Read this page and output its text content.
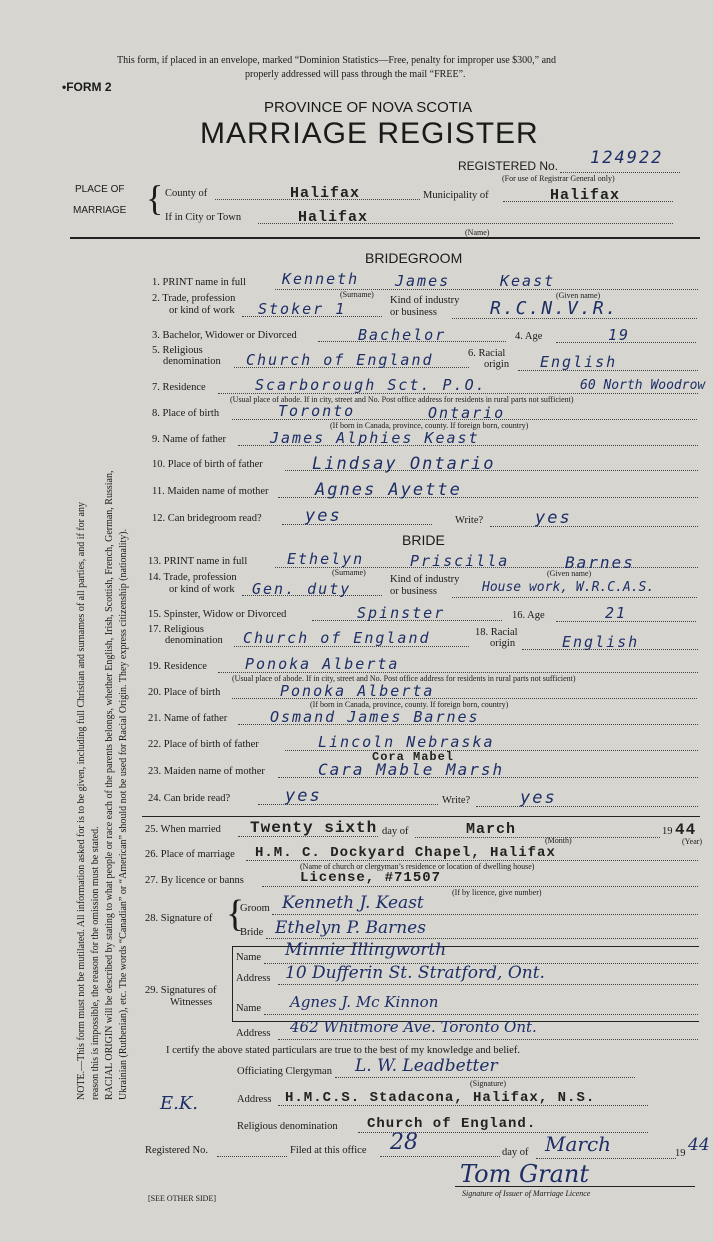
This form, if placed in an envelope, marked “Dominion Statistics—Free, penalty for improper use $300,” and
properly addressed will pass through the mail “FREE”.
•FORM 2
PROVINCE OF NOVA SCOTIA
MARRIAGE REGISTER
REGISTERED No. 124922
(For use of Registrar General only)
PLACE OF
MARRIAGE { County of	Halifax	Municipality of	Halifax
If in City or Town	Halifax
(Name)
NOTE.—This form must not be mutilated. All information asked for is to be given, including full Christian and surnames of all parties, and if for any reason this is impossible, the reason for the omission must be stated. RACIAL ORIGIN will be described by stating to what people or race each of the parents belongs, whether English, Irish, Scottish, French, German, Russian, Ukrainian (Ruthenian), etc. The words “Canadian” or “American” should not be used for Racial Origin. They express citizenship (nationality).
BRIDEGROOM
1. PRINT name in full Kenneth James	Keast
(Surname)	(Given name)
2. Trade, profession
or kind of work Stoker 1	Kind of industry
or business	R.C.N.V.R.
3. Bachelor, Widower or Divorced	Bachelor	4. Age	19
5. Religious
denomination Church of England	6. Racial
origin English
7. Residence	Scarborough Sct. P.O.	60 North Woodrow
(Usual place of abode. If in city, street and No. Post office address for residents in rural parts not sufficient)
8. Place of birth	Toronto	Ontario
(If born in Canada, province, county. If foreign born, country)
9. Name of father	James Alphies Keast
10. Place of birth of father	Lindsay Ontario
11. Maiden name of mother	Agnes Ayette
12. Can bridegroom read?	yes	Write?	yes
BRIDE
13. PRINT name in full	Ethelyn	Priscilla	Barnes
(Surname)	(Given name)
14. Trade, profession
or kind of work Gen. duty
Kind of industry
or business	House work, W.R.C.A.S.
15. Spinster, Widow or Divorced	Spinster	16. Age	21
17. Religious
denomination Church of England	18. Racial
origin	English
19. Residence	Ponoka Alberta
(Usual place of abode. If in city, street and No. Post office address for residents in rural parts not sufficient)
20. Place of birth	Ponoka Alberta
(If born in Canada, province, county. If foreign born, country)
21. Name of father	Osmand James Barnes
22. Place of birth of father	Lincoln Nebraska
Cora Mabel
23. Maiden name of mother	Cara Mable Marsh
24. Can bride read?	yes	Write?	yes
25. When married Twenty sixth day of	March
(Month)
19 44
(Year)
26. Place of marriage H.M. C. Dockyard Chapel, Halifax
(Name of church or clergyman’s residence or location of dwelling house)
27. By licence or banns	License, #71507
(If by licence, give number)
28. Signature of {
Groom Kenneth J. Keast
Bride Ethelyn P. Barnes
29. Signatures of
Witnesses
Name Minnie Illingworth
Address 10 Dufferin St. Stratford, Ont.
Name Agnes J. Mc Kinnon
Address 462 Whitmore Ave. Toronto Ont.
I certify the above stated particulars are true to the best of my knowledge and belief.
Officiating Clergyman L. W. Leadbetter
(Signature)
E.K.	Address H.M.C.S. Stadacona, Halifax, N.S.
Religious denomination Church of England.
Registered No.	Filed at this office 28	day of March	19 44
Tom Grant
Signature of Issuer of Marriage Licence
[SEE OTHER SIDE]
